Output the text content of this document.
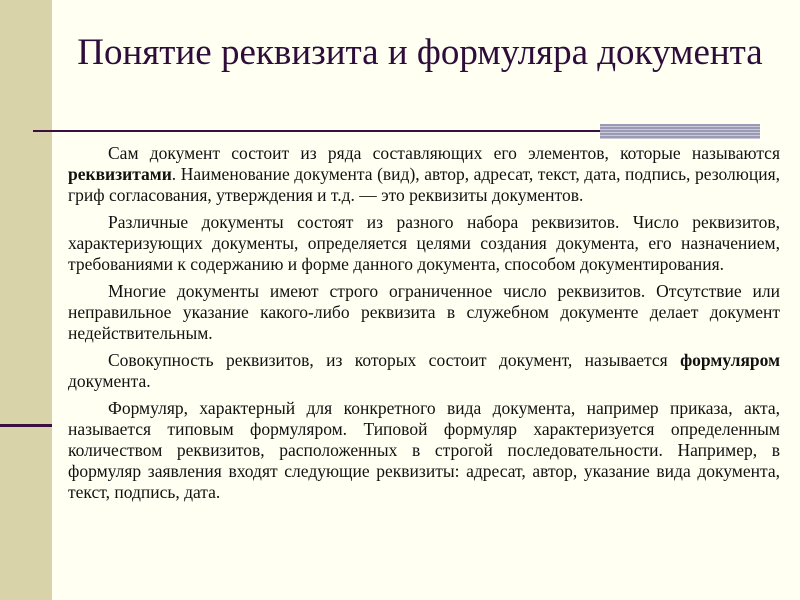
Понятие реквизита и формуляра документа

Сам документ состоит из ряда составляющих его элементов, которые называются реквизитами. Наименование документа (вид), автор, адресат, текст, дата, подпись, резолюция, гриф согласования, утверждения и т.д. — это реквизиты документов.

Различные документы состоят из разного набора реквизитов. Число реквизитов, характеризующих документы, определяется целями создания документа, его назначением, требованиями к содержанию и форме данного документа, способом документирования.

Многие документы имеют строго ограниченное число реквизитов. Отсутствие или неправильное указание какого-либо реквизита в служебном документе делает документ недействительным.

Совокупность реквизитов, из которых состоит документ, называется формуляром документа.

Формуляр, характерный для конкретного вида документа, например приказа, акта, называется типовым формуляром. Типовой формуляр характеризуется определенным количеством реквизитов, расположенных в строгой последовательности. Например, в формуляр заявления входят следующие реквизиты: адресат, автор, указание вида документа, текст, подпись, дата.
